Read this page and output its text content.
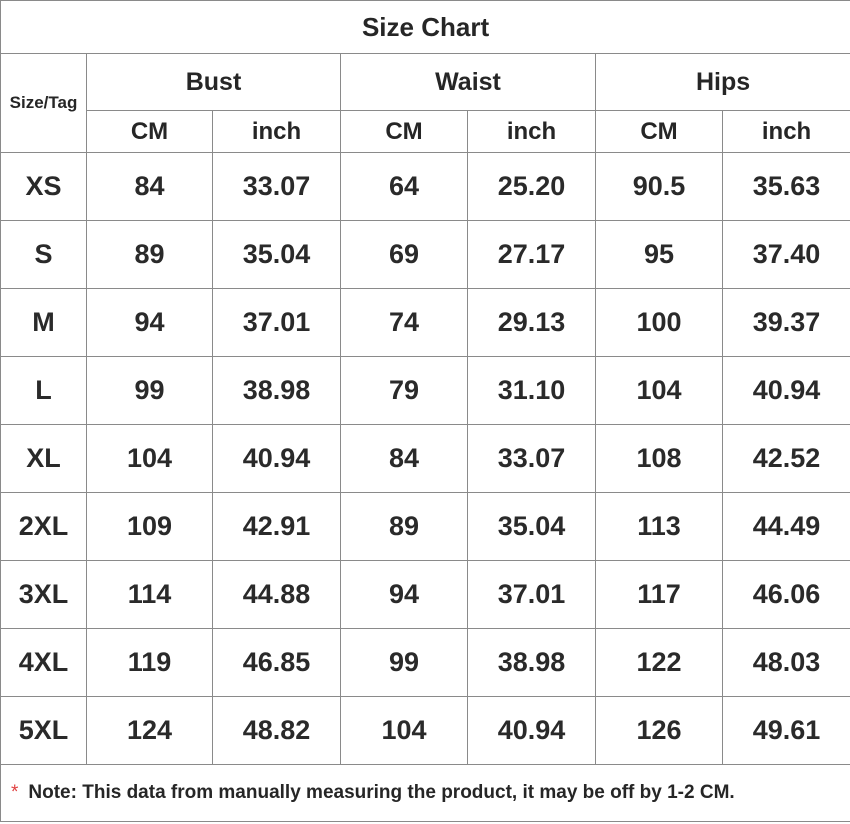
Size Chart						
Size/Tag	Bust		Waist		Hips	
	CM	inch	CM	inch	CM	inch
XS	84	33.07	64	25.20	90.5	35.63
S	89	35.04	69	27.17	95	37.40
M	94	37.01	74	29.13	100	39.37
L	99	38.98	79	31.10	104	40.94
XL	104	40.94	84	33.07	108	42.52
2XL	109	42.91	89	35.04	113	44.49
3XL	114	44.88	94	37.01	117	46.06
4XL	119	46.85	99	38.98	122	48.03
5XL	124	48.82	104	40.94	126	49.61
* Note: This data from manually measuring the product, it may be off by 1-2 CM.						
